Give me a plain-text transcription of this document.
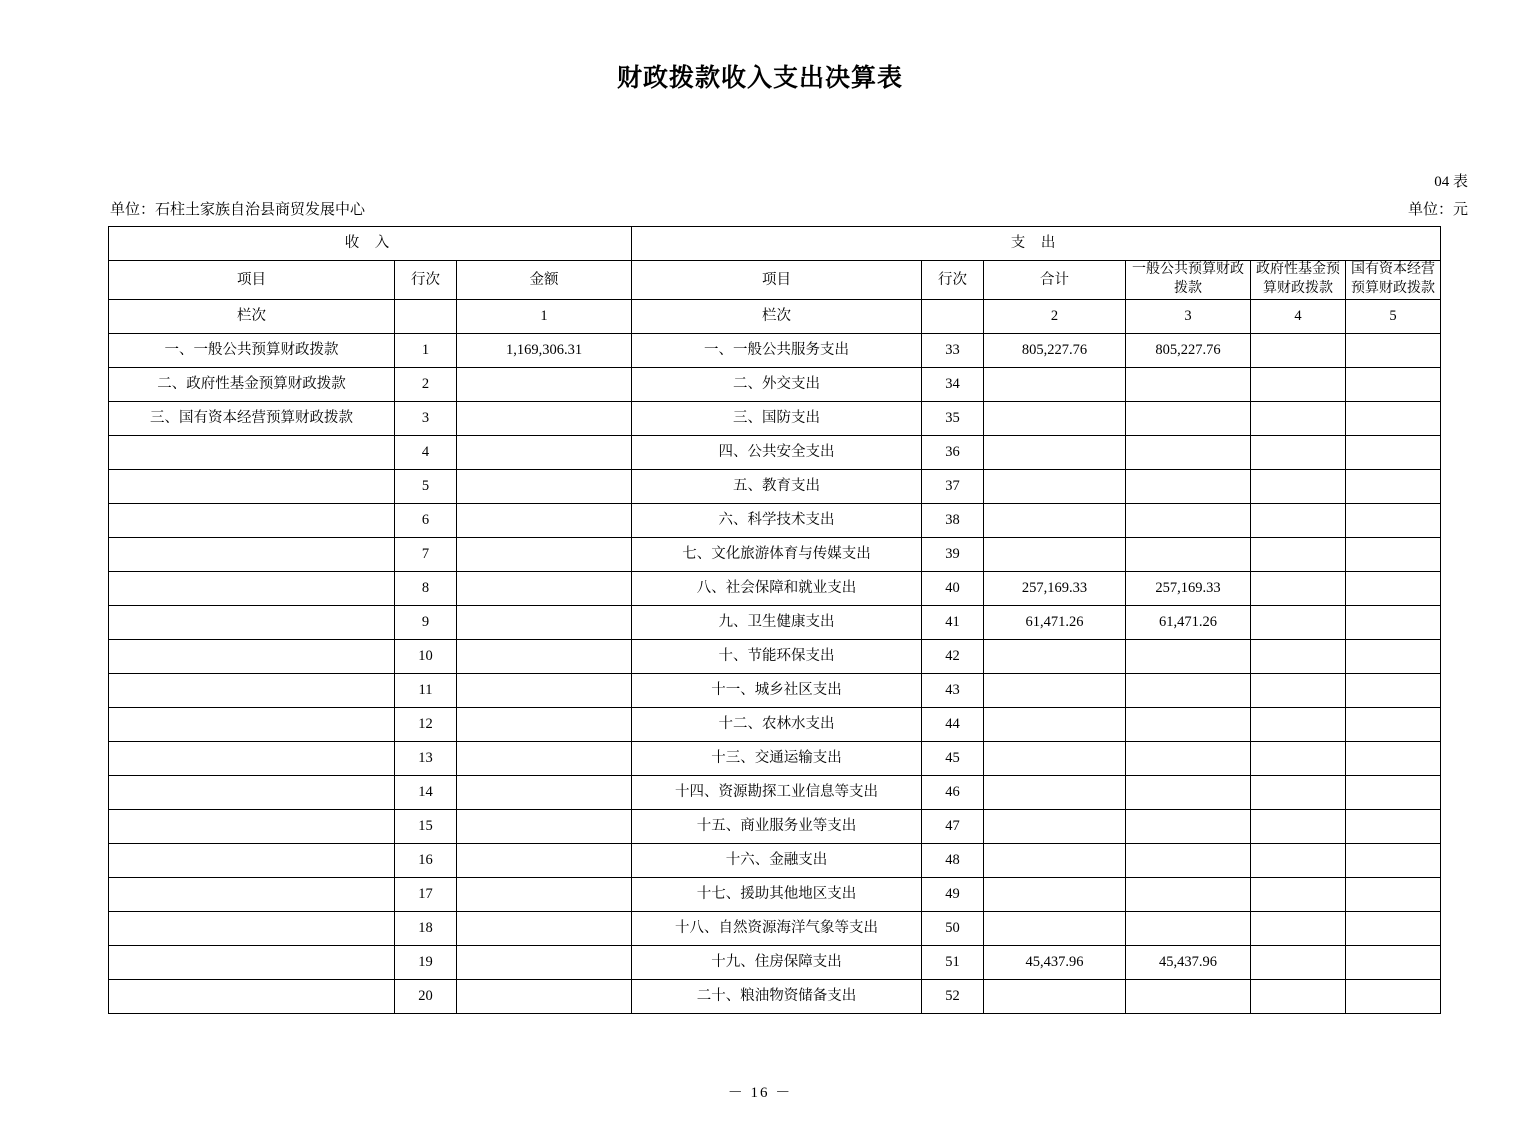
财政拨款收入支出决算表
04 表
单位：石柱土家族自治县商贸发展中心	单位：元
收 入			支 出					
项目	行次	金额	项目	行次	合计	一般公共预算财政拨款	政府性基金预算财政拨款	国有资本经营预算财政拨款
栏次		1	栏次		2	3	4	5
一、一般公共预算财政拨款	1	1,169,306.31	一、一般公共服务支出	33	805,227.76	805,227.76		
二、政府性基金预算财政拨款	2		二、外交支出	34				
三、国有资本经营预算财政拨款	3		三、国防支出	35				
	4		四、公共安全支出	36				
	5		五、教育支出	37				
	6		六、科学技术支出	38				
	7		七、文化旅游体育与传媒支出	39				
	8		八、社会保障和就业支出	40	257,169.33	257,169.33		
	9		九、卫生健康支出	41	61,471.26	61,471.26		
	10		十、节能环保支出	42				
	11		十一、城乡社区支出	43				
	12		十二、农林水支出	44				
	13		十三、交通运输支出	45				
	14		十四、资源勘探工业信息等支出	46				
	15		十五、商业服务业等支出	47				
	16		十六、金融支出	48				
	17		十七、援助其他地区支出	49				
	18		十八、自然资源海洋气象等支出	50				
	19		十九、住房保障支出	51	45,437.96	45,437.96		
	20		二十、粮油物资储备支出	52				
－ 16 －
